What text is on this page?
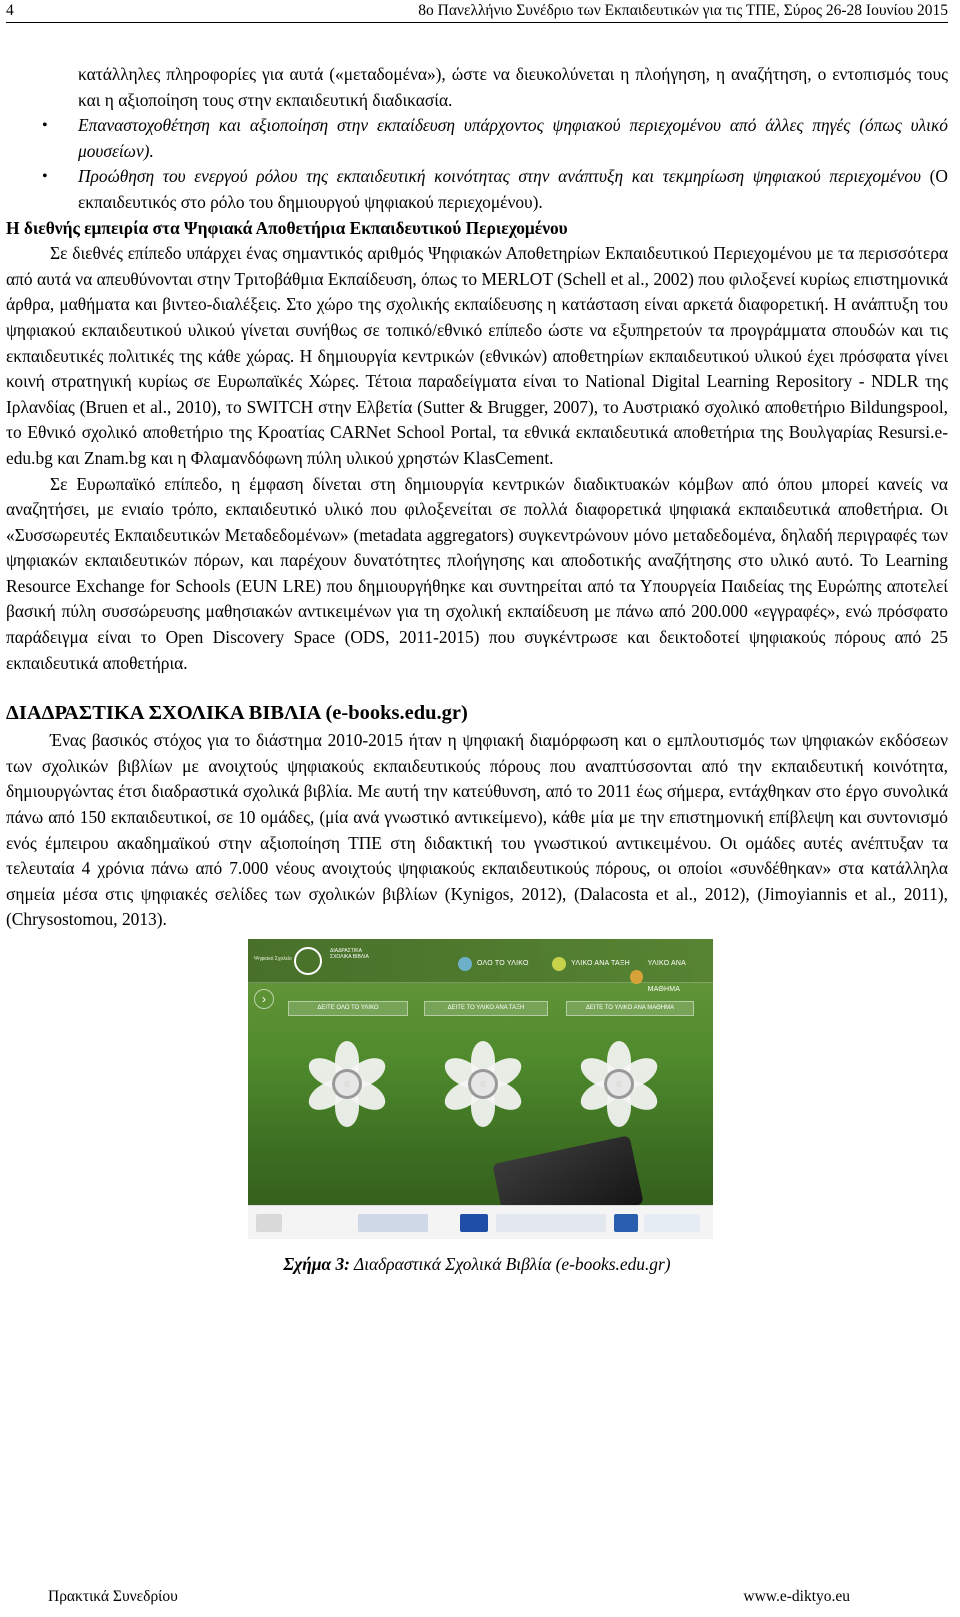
4	8ο Πανελλήνιο Συνέδριο των Εκπαιδευτικών για τις ΤΠΕ, Σύρος 26-28 Ιουνίου 2015

κατάλληλες πληροφορίες για αυτά («μεταδομένα»), ώστε να διευκολύνεται η πλοήγηση, η αναζήτηση, ο εντοπισμός τους και η αξιοποίηση τους στην εκπαιδευτική διαδικασία.

• Επαναστοχοθέτηση και αξιοποίηση στην εκπαίδευση υπάρχοντος ψηφιακού περιεχομένου από άλλες πηγές (όπως υλικό μουσείων).
• Προώθηση του ενεργού ρόλου της εκπαιδευτική κοινότητας στην ανάπτυξη και τεκμηρίωση ψηφιακού περιεχομένου (Ο εκπαιδευτικός στο ρόλο του δημιουργού ψηφιακού περιεχομένου).
Η διεθνής εμπειρία στα Ψηφιακά Αποθετήρια Εκπαιδευτικού Περιεχομένου

Σε διεθνές επίπεδο υπάρχει ένας σημαντικός αριθμός Ψηφιακών Αποθετηρίων Εκπαιδευτικού Περιεχομένου με τα περισσότερα από αυτά να απευθύνονται στην Τριτοβάθμια Εκπαίδευση, όπως το MERLOT (Schell et al., 2002) που φιλοξενεί κυρίως επιστημονικά άρθρα, μαθήματα και βιντεο-διαλέξεις. Στο χώρο της σχολικής εκπαίδευσης η κατάσταση είναι αρκετά διαφορετική. Η ανάπτυξη του ψηφιακού εκπαιδευτικού υλικού γίνεται συνήθως σε τοπικό/εθνικό επίπεδο ώστε να εξυπηρετούν τα προγράμματα σπουδών και τις εκπαιδευτικές πολιτικές της κάθε χώρας. Η δημιουργία κεντρικών (εθνικών) αποθετηρίων εκπαιδευτικού υλικού έχει πρόσφατα γίνει κοινή στρατηγική κυρίως σε Ευρωπαϊκές Χώρες. Τέτοια παραδείγματα είναι το National Digital Learning Repository - NDLR της Ιρλανδίας (Bruen et al., 2010), το SWITCH στην Ελβετία (Sutter & Brugger, 2007), το Αυστριακό σχολικό αποθετήριο Bildungspool, το Εθνικό σχολικό αποθετήριο της Κροατίας CARNet School Portal, τα εθνικά εκπαιδευτικά αποθετήρια της Βουλγαρίας Resursi.e-edu.bg και Znam.bg και η Φλαμανδόφωνη πύλη υλικού χρηστών KlasCement.

Σε Ευρωπαϊκό επίπεδο, η έμφαση δίνεται στη δημιουργία κεντρικών διαδικτυακών κόμβων από όπου μπορεί κανείς να αναζητήσει, με ενιαίο τρόπο, εκπαιδευτικό υλικό που φιλοξενείται σε πολλά διαφορετικά ψηφιακά εκπαιδευτικά αποθετήρια. Οι «Συσσωρευτές Εκπαιδευτικών Μεταδεδομένων» (metadata aggregators) συγκεντρώνουν μόνο μεταδεδομένα, δηλαδή περιγραφές των ψηφιακών εκπαιδευτικών πόρων, και παρέχουν δυνατότητες πλοήγησης και αποδοτικής αναζήτησης στο υλικό αυτό. Το Learning Resource Exchange for Schools (EUN LRE) που δημιουργήθηκε και συντηρείται από τα Υπουργεία Παιδείας της Ευρώπης αποτελεί βασική πύλη συσσώρευσης μαθησιακών αντικειμένων για τη σχολική εκπαίδευση με πάνω από 200.000 «εγγραφές», ενώ πρόσφατο παράδειγμα είναι το Open Discovery Space (ODS, 2011-2015) που συγκέντρωσε και δεικτοδοτεί ψηφιακούς πόρους από 25 εκπαιδευτικά αποθετήρια.

ΔΙΑΔΡΑΣΤΙΚΑ ΣΧΟΛΙΚΑ ΒΙΒΛΙΑ (e-books.edu.gr)

Ένας βασικός στόχος για το διάστημα 2010-2015 ήταν η ψηφιακή διαμόρφωση και ο εμπλουτισμός των ψηφιακών εκδόσεων των σχολικών βιβλίων με ανοιχτούς ψηφιακούς εκπαιδευτικούς πόρους που αναπτύσσονται από την εκπαιδευτική κοινότητα, δημιουργώντας έτσι διαδραστικά σχολικά βιβλία. Με αυτή την κατεύθυνση, από το 2011 έως σήμερα, εντάχθηκαν στο έργο συνολικά πάνω από 150 εκπαιδευτικοί, σε 10 ομάδες, (μία ανά γνωστικό αντικείμενο), κάθε μία με την επιστημονική επίβλεψη και συντονισμό ενός έμπειρου ακαδημαϊκού στην αξιοποίηση ΤΠΕ στη διδακτική του γνωστικού αντικειμένου. Οι ομάδες αυτές ανέπτυξαν τα τελευταία 4 χρόνια πάνω από 7.000 νέους ανοιχτούς ψηφιακούς εκπαιδευτικούς πόρους, οι οποίοι «συνδέθηκαν» στα κατάλληλα σημεία μέσα στις ψηφιακές σελίδες των σχολικών βιβλίων (Kynigos, 2012), (Dalacosta et al., 2012), (Jimoyiannis et al., 2011), (Chrysostomou, 2013).

Ψηφιακό Σχολείο
ΔΙΑΔΡΑΣΤΙΚΑ ΣΧΟΛΙΚΑ ΒΙΒΛΙΑ
ΟΛΟ ΤΟ ΥΛΙΚΟ	ΥΛΙΚΟ ΑΝΑ ΤΑΞΗ	ΥΛΙΚΟ ΑΝΑ ΜΑΘΗΜΑ
›
ΔΕΙΤΕ ΟΛΟ ΤΟ ΥΛΙΚΟ	ΔΕΙΤΕ ΤΟ ΥΛΙΚΟ ΑΝΑ ΤΑΞΗ	ΔΕΙΤΕ ΤΟ ΥΛΙΚΟ ΑΝΑ ΜΑΘΗΜΑ

Σχήμα 3: Διαδραστικά Σχολικά Βιβλία (e-books.edu.gr)

Πρακτικά Συνεδρίου	www.e-diktyo.eu
